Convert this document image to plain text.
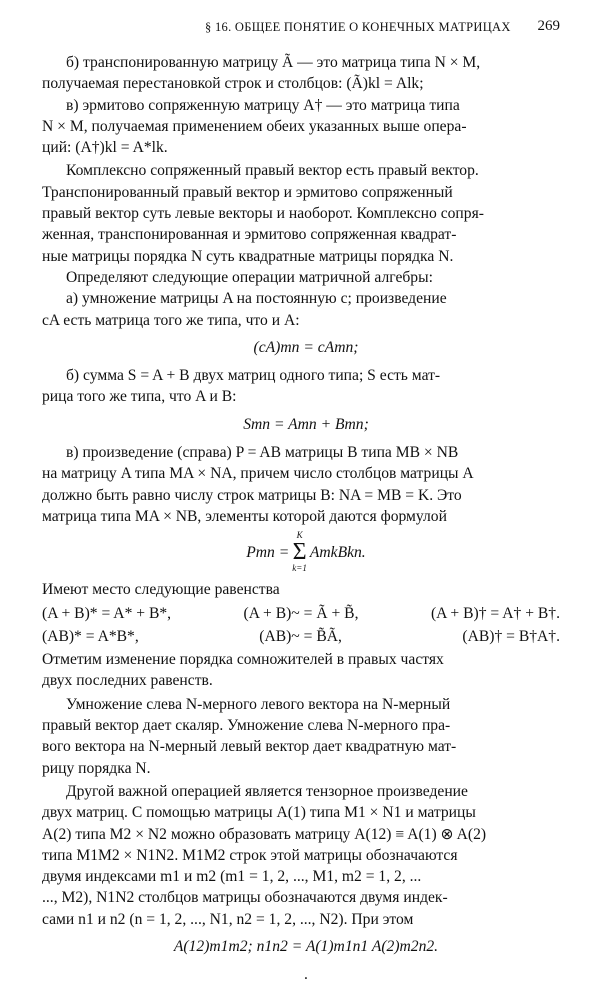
§ 16. ОБЩЕЕ ПОНЯТИЕ О КОНЕЧНЫХ МАТРИЦАХ 269

б) транспонированную матрицу Ã — это матрица типа N × M,

получаемая перестановкой строк и столбцов: (Ã)kl = Alk;

в) эрмитово сопряженную матрицу A† — это матрица типа

N × M, получаемая применением обеих указанных выше опера-

ций: (A†)kl = A*lk.

Комплексно сопряженный правый вектор есть правый вектор.

Транспонированный правый вектор и эрмитово сопряженный

правый вектор суть левые векторы и наоборот. Комплексно сопря-

женная, транспонированная и эрмитово сопряженная квадрат-

ные матрицы порядка N суть квадратные матрицы порядка N.

Определяют следующие операции матричной алгебры:

а) умножение матрицы A на постоянную c; произведение

cA есть матрица того же типа, что и A:

(cA)mn = cAmn;

б) сумма S = A + B двух матриц одного типа; S есть мат-

рица того же типа, что A и B:

Smn = Amn + Bmn;

в) произведение (справа) P = AB матрицы B типа MB × NB

на матрицу A типа MA × NA, причем число столбцов матрицы A

должно быть равно числу строк матрицы B: NA = MB = K. Это

матрица типа MA × NB, элементы которой даются формулой

Pmn =
K
Σ
k=1
AmkBkn.

Имеют место следующие равенства

(A + B)* = A* + B*,	(A + B)~ = Ã + B̃,	(A + B)† = A† + B†.

(AB)* = A*B*,	(AB)~ = B̃Ã,	(AB)† = B†A†.

Отметим изменение порядка сомножителей в правых частях

двух последних равенств.

Умножение слева N-мерного левого вектора на N-мерный

правый вектор дает скаляр. Умножение слева N-мерного пра-

вого вектора на N-мерный левый вектор дает квадратную мат-

рицу порядка N.

Другой важной операцией является тензорное произведение

двух матриц. С помощью матрицы A(1) типа M1 × N1 и матрицы

A(2) типа M2 × N2 можно образовать матрицу A(12) ≡ A(1) ⊗ A(2)

типа M1M2 × N1N2. M1M2 строк этой матрицы обозначаются

двумя индексами m1 и m2 (m1 = 1, 2, ..., M1, m2 = 1, 2, ...

..., M2), N1N2 столбцов матрицы обозначаются двумя индек-

сами n1 и n2 (n = 1, 2, ..., N1, n2 = 1, 2, ..., N2). При этом

A(12)m1m2; n1n2 = A(1)m1n1 A(2)m2n2.

.
